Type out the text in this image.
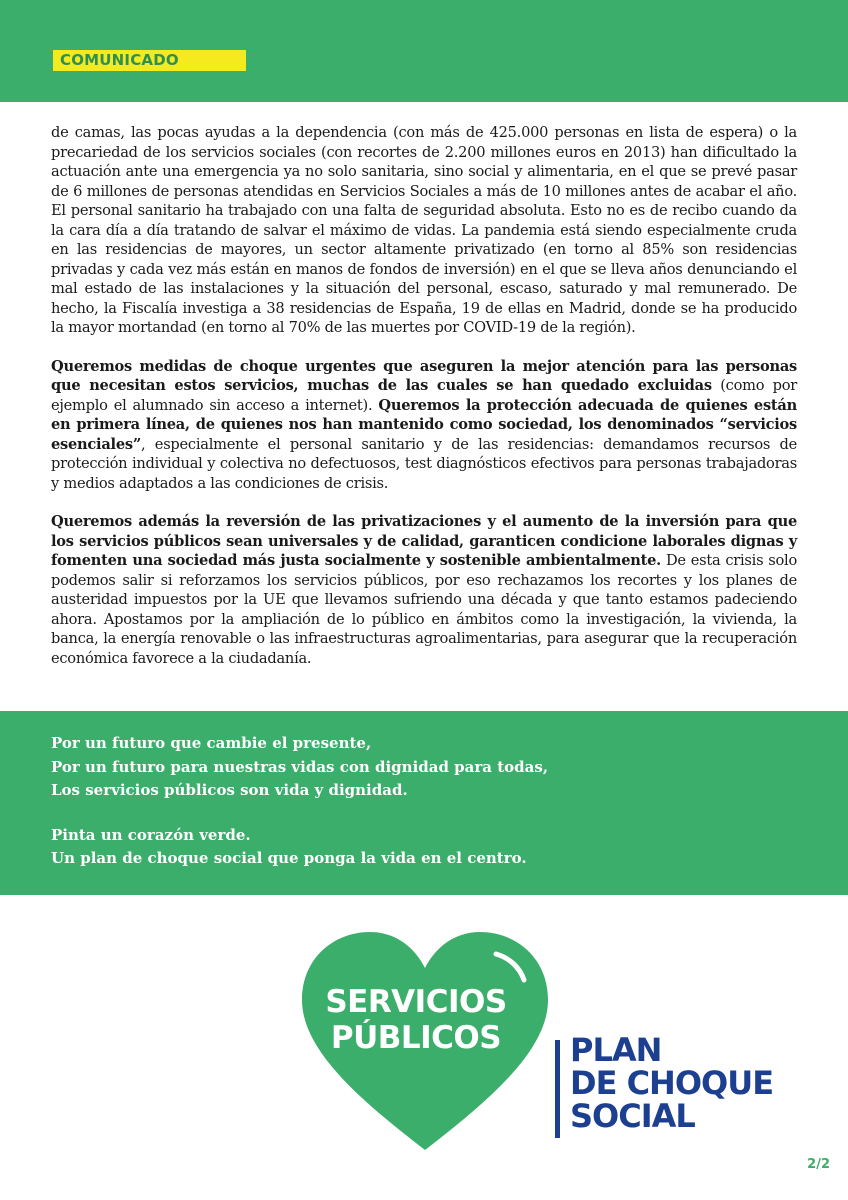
COMUNICADO

de camas, las pocas ayudas a la dependencia (con más de 425.000 personas en lista de espera) o la precariedad de los servicios sociales (con recortes de 2.200 millones euros en 2013) han dificultado la actuación ante una emergencia ya no solo sanitaria, sino social y alimentaria, en el que se prevé pasar de 6 millones de personas atendidas en Servicios Sociales a más de 10 millones antes de acabar el año. El personal sanitario ha trabajado con una falta de seguridad absoluta. Esto no es de recibo cuando da la cara día a día tratando de salvar el máximo de vidas. La pandemia está siendo especialmente cruda en las residencias de mayores, un sector altamente privatizado (en torno al 85% son residencias privadas y cada vez más están en manos de fondos de inversión) en el que se lleva años denunciando el mal estado de las instalaciones y la situación del personal, escaso, saturado y mal remunerado. De hecho, la Fiscalía investiga a 38 residencias de España, 19 de ellas en Madrid, donde se ha producido la mayor mortandad (en torno al 70% de las muertes por COVID-19 de la región).

Queremos medidas de choque urgentes que aseguren la mejor atención para las personas que necesitan estos servicios, muchas de las cuales se han quedado excluidas (como por ejemplo el alumnado sin acceso a internet). Queremos la protección adecuada de quienes están en primera línea, de quienes nos han mantenido como sociedad, los denominados “servicios esenciales”, especialmente el personal sanitario y de las residencias: demandamos recursos de protección individual y colectiva no defectuosos, test diagnósticos efectivos para personas trabajadoras y medios adaptados a las condiciones de crisis.

Queremos además la reversión de las privatizaciones y el aumento de la inversión para que los servicios públicos sean universales y de calidad, garanticen condicione laborales dignas y fomenten una sociedad más justa socialmente y sostenible ambientalmente. De esta crisis solo podemos salir si reforzamos los servicios públicos, por eso rechazamos los recortes y los planes de austeridad impuestos por la UE que llevamos sufriendo una década y que tanto estamos padeciendo ahora. Apostamos por la ampliación de lo público en ámbitos como la investigación, la vivienda, la banca, la energía renovable o las infraestructuras agroalimentarias, para asegurar que la recuperación económica favorece a la ciudadanía.

Por un futuro que cambie el presente,
Por un futuro para nuestras vidas con dignidad para todas,
Los servicios públicos son vida y dignidad.
Pinta un corazón verde.
Un plan de choque social que ponga la vida en el centro.
SERVICIOS
PÚBLICOS	PLAN
DE CHOQUE
SOCIAL
2/2
